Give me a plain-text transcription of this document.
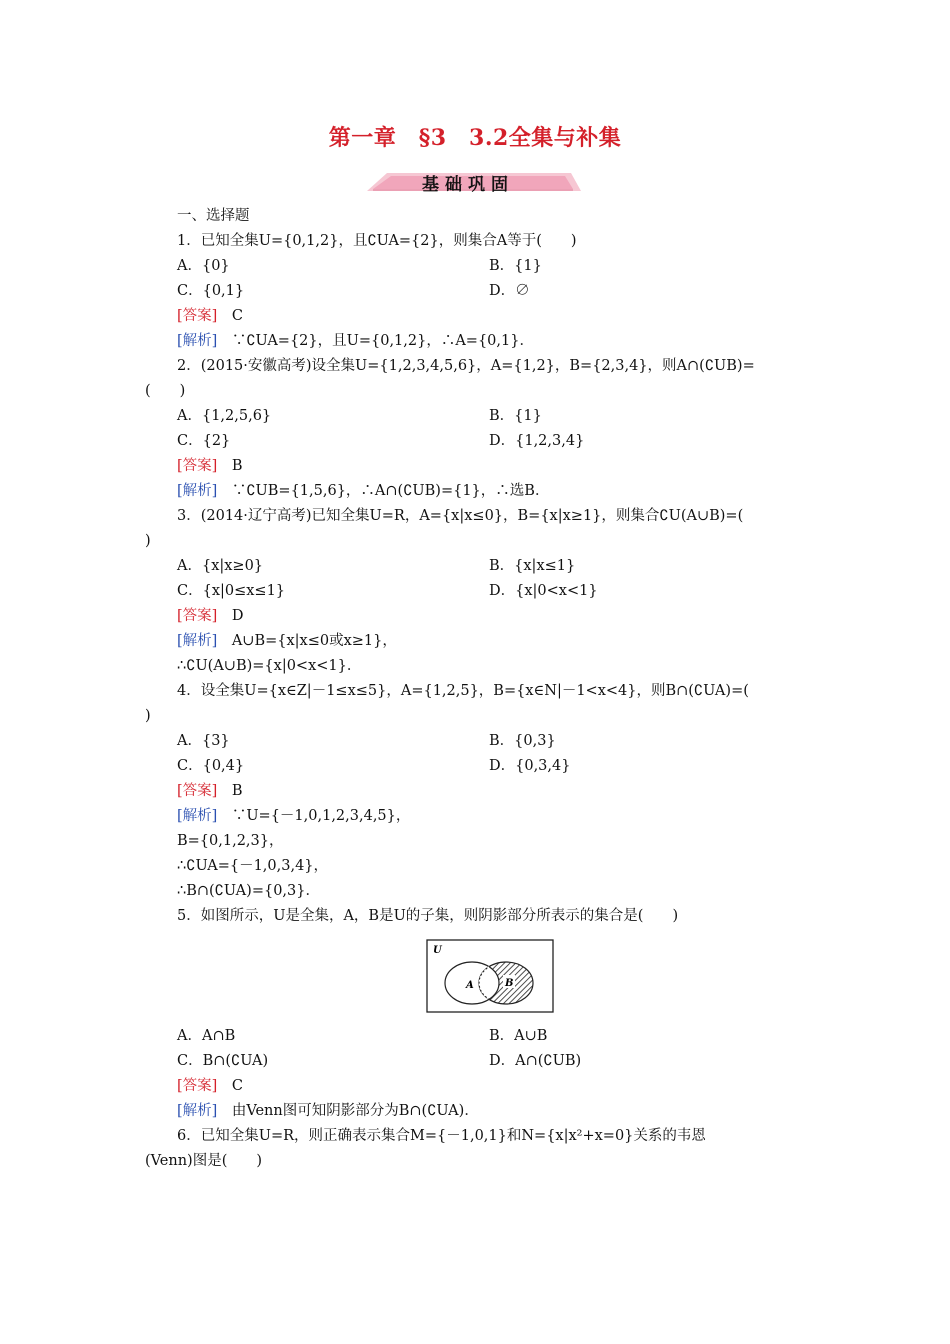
第一章　§3　3.2全集与补集
基础巩固
一、选择题
1．已知全集U={0,1,2}，且∁UA={2}，则集合A等于(　　)
A．{0}	B．{1}
C．{0,1}	D．∅
[答案]　 C
[解析]　 ∵∁UA={2}，且U={0,1,2}，∴A={0,1}．
2．(2015·安徽高考)设全集U={1,2,3,4,5,6}，A={1,2}，B={2,3,4}，则A∩(∁UB)=
(　　)
A．{1,2,5,6}	B．{1}
C．{2}	D．{1,2,3,4}
[答案]　 B
[解析]　 ∵∁UB={1,5,6}，∴A∩(∁UB)={1}，∴选B．
3．(2014·辽宁高考)已知全集U=R，A={x|x≤0}，B={x|x≥1}，则集合∁U(A∪B)=(
)
A．{x|x≥0}	B．{x|x≤1}
C．{x|0≤x≤1}	D．{x|0<x<1}
[答案]　 D
[解析]　 A∪B={x|x≤0或x≥1}，
∴∁U(A∪B)={x|0<x<1}．
4．设全集U={x∈Z|－1≤x≤5}，A={1,2,5}，B={x∈N|－1<x<4}，则B∩(∁UA)=(
)
A．{3}	B．{0,3}
C．{0,4}	D．{0,3,4}
[答案]　 B
[解析]　 ∵U={－1,0,1,2,3,4,5}，
B={0,1,2,3}，
∴∁UA={－1,0,3,4}，
∴B∩(∁UA)={0,3}．
5．如图所示，U是全集，A，B是U的子集，则阴影部分所表示的集合是(　　)
U
A	B
A．A∩B	B．A∪B
C．B∩(∁UA)	D．A∩(∁UB)
[答案]　 C
[解析]　 由Venn图可知阴影部分为B∩(∁UA)．
6．已知全集U=R，则正确表示集合M={－1,0,1}和N={x|x²+x=0}关系的韦恩
(Venn)图是(　　)
